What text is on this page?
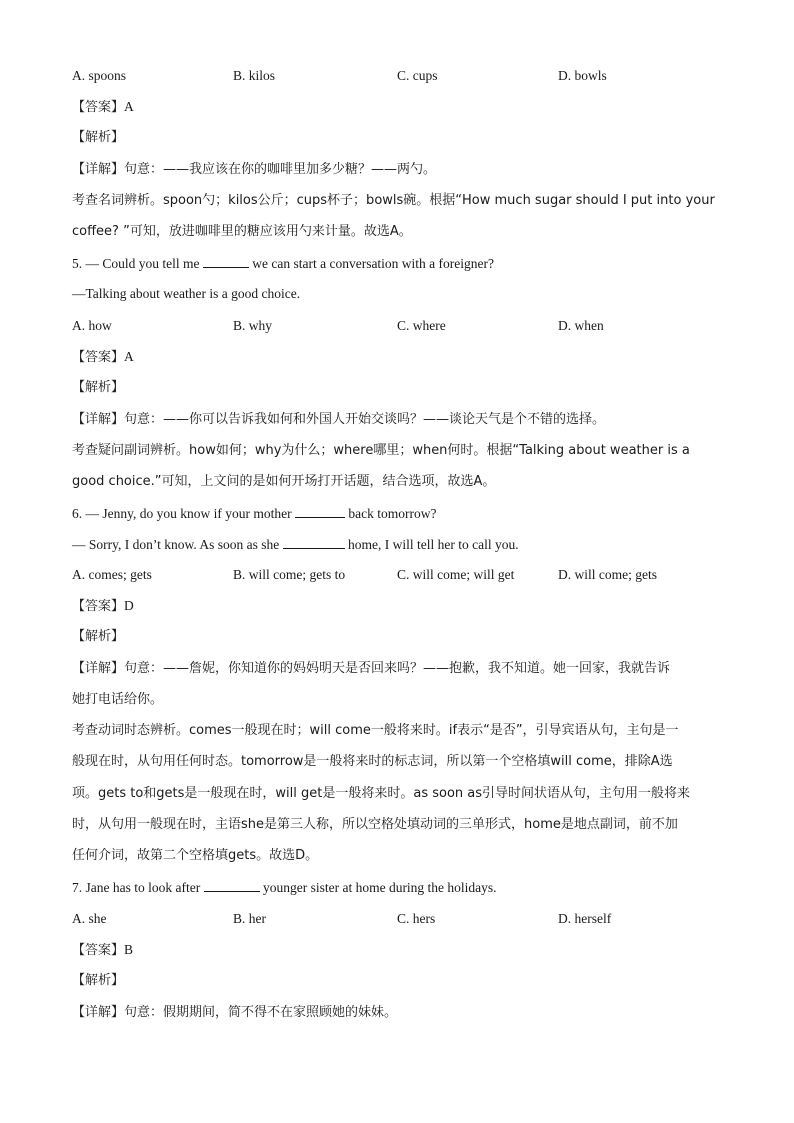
A. spoons	B. kilos	C. cups	D. bowls
【答案】A
【解析】
【详解】句意：——我应该在你的咖啡里加多少糖？——两勺。
考查名词辨析。spoon勺；kilos公斤；cups杯子；bowls碗。根据“How much sugar should I put into your
coffee? ”可知，放进咖啡里的糖应该用勺来计量。故选A。
5. — Could you tell me	we can start a conversation with a foreigner?
—Talking about weather is a good choice.
A. how	B. why	C. where	D. when
【答案】A
【解析】
【详解】句意：——你可以告诉我如何和外国人开始交谈吗？——谈论天气是个不错的选择。
考查疑问副词辨析。how如何；why为什么；where哪里；when何时。根据“Talking about weather is a
good choice.”可知，上文问的是如何开场打开话题，结合选项，故选A。
6. — Jenny, do you know if your mother	back tomorrow?
— Sorry, I don’t know. As soon as she	home, I will tell her to call you.
A. comes; gets	B. will come; gets to	C. will come; will get	D. will come; gets
【答案】D
【解析】
【详解】句意：——詹妮，你知道你的妈妈明天是否回来吗？——抱歉，我不知道。她一回家，我就告诉
她打电话给你。
考查动词时态辨析。comes一般现在时；will come一般将来时。if表示“是否”，引导宾语从句，主句是一
般现在时，从句用任何时态。tomorrow是一般将来时的标志词，所以第一个空格填will come，排除A选
项。gets to和gets是一般现在时，will get是一般将来时。as soon as引导时间状语从句，主句用一般将来
时，从句用一般现在时，主语she是第三人称，所以空格处填动词的三单形式，home是地点副词，前不加
任何介词，故第二个空格填gets。故选D。
7. Jane has to look after	younger sister at home during the holidays.
A. she	B. her	C. hers	D. herself
【答案】B
【解析】
【详解】句意：假期期间，简不得不在家照顾她的妹妹。
